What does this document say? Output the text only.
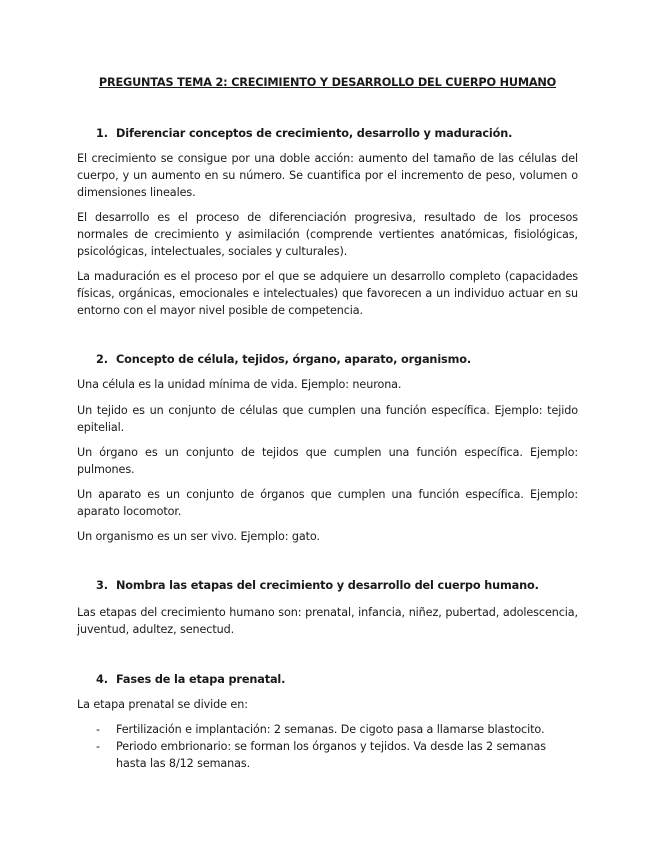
PREGUNTAS TEMA 2: CRECIMIENTO Y DESARROLLO DEL CUERPO HUMANO
1. Diferenciar conceptos de crecimiento, desarrollo y maduración.
El crecimiento se consigue por una doble acción: aumento del tamaño de las células del cuerpo, y un aumento en su número. Se cuantifica por el incremento de peso, volumen o dimensiones lineales.
El desarrollo es el proceso de diferenciación progresiva, resultado de los procesos normales de crecimiento y asimilación (comprende vertientes anatómicas, fisiológicas, psicológicas, intelectuales, sociales y culturales).
La maduración es el proceso por el que se adquiere un desarrollo completo (capacidades físicas, orgánicas, emocionales e intelectuales) que favorecen a un individuo actuar en su entorno con el mayor nivel posible de competencia.
2. Concepto de célula, tejidos, órgano, aparato, organismo.
Una célula es la unidad mínima de vida. Ejemplo: neurona.
Un tejido es un conjunto de células que cumplen una función específica. Ejemplo: tejido epitelial.
Un órgano es un conjunto de tejidos que cumplen una función específica. Ejemplo: pulmones.
Un aparato es un conjunto de órganos que cumplen una función específica. Ejemplo: aparato locomotor.
Un organismo es un ser vivo. Ejemplo: gato.
3. Nombra las etapas del crecimiento y desarrollo del cuerpo humano.
Las etapas del crecimiento humano son: prenatal, infancia, niñez, pubertad, adolescencia, juventud, adultez, senectud.
4. Fases de la etapa prenatal.
La etapa prenatal se divide en:
- Fertilización e implantación: 2 semanas. De cigoto pasa a llamarse blastocito.
- Periodo embrionario: se forman los órganos y tejidos. Va desde las 2 semanas hasta las 8/12 semanas.
